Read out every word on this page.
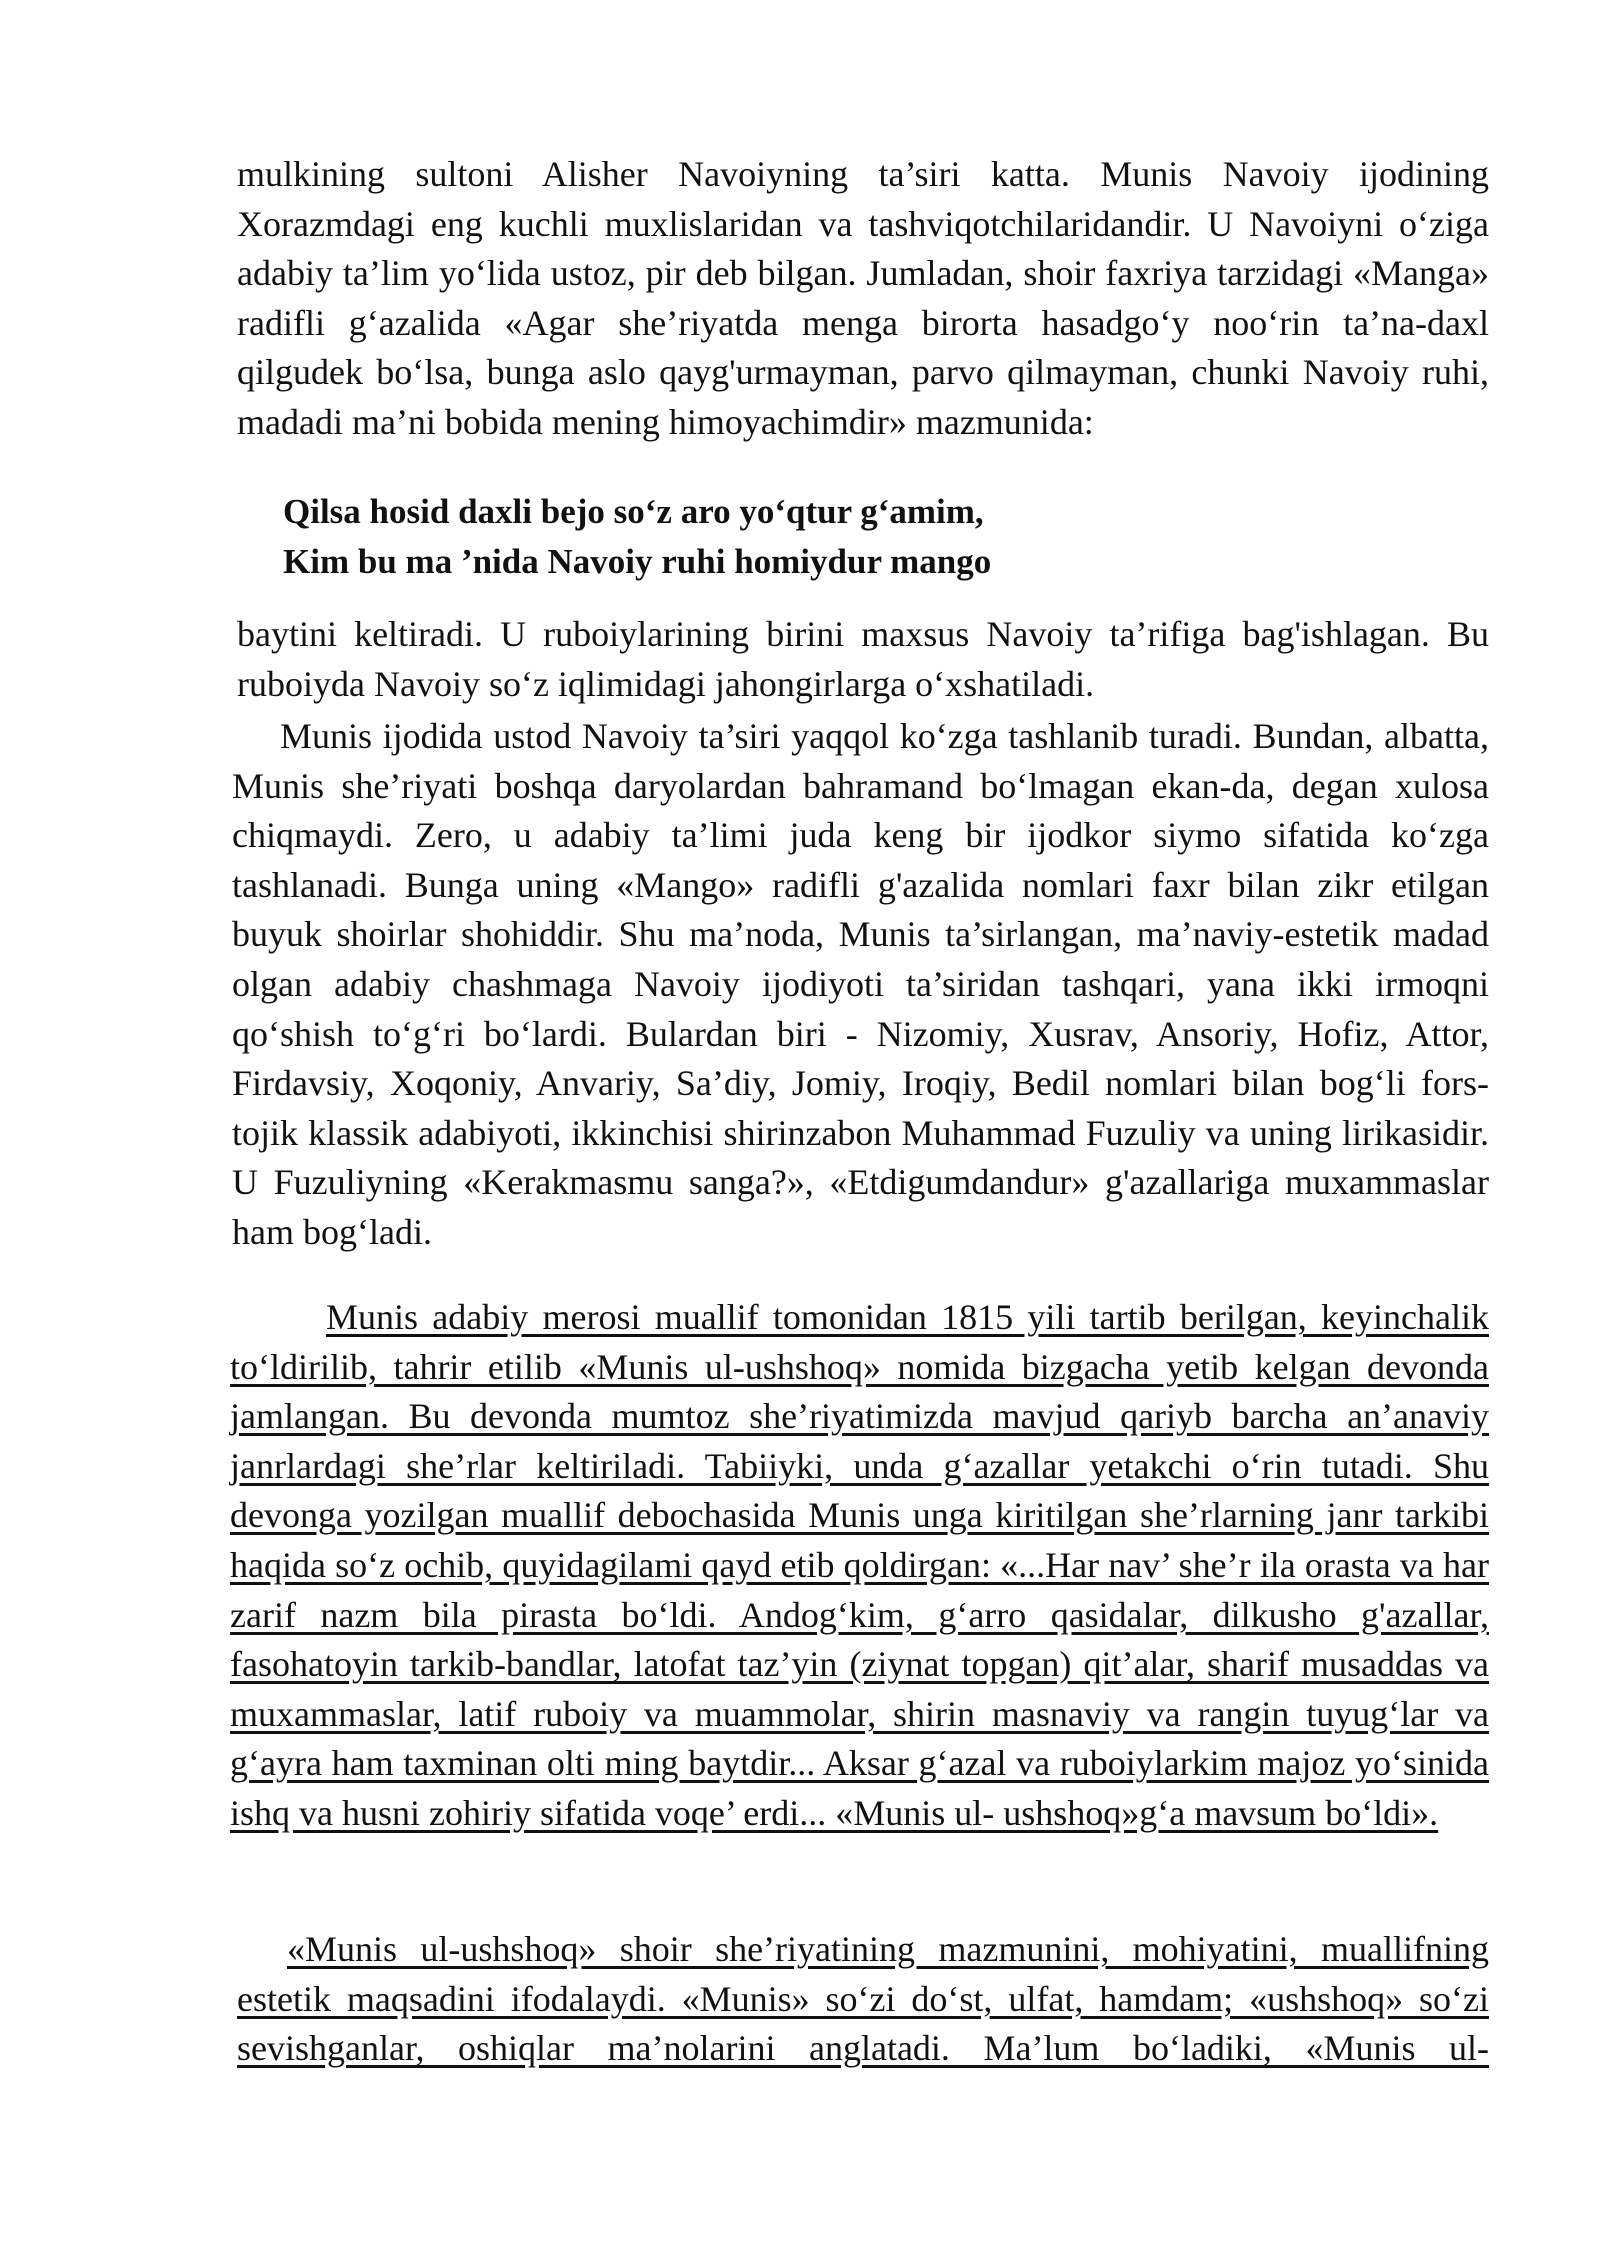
mulkining sultoni Alisher Navoiyning ta’siri katta. Munis Navoiy ijodining Xorazmdagi eng kuchli muxlislaridan va tashviqotchilaridandir. U Navoiyni o‘ziga adabiy ta’lim yo‘lida ustoz, pir deb bilgan. Jumladan, shoir faxriya tarzidagi «Manga» radifli g‘azalida «Agar she’riyatda menga birorta hasadgo‘y noo‘rin ta’na-daxl qilgudek bo‘lsa, bunga aslo qayg'urmayman, parvo qilmayman, chunki Navoiy ruhi, madadi ma’ni bobida mening himoyachimdir» mazmunida:

Qilsa hosid daxli bejo so‘z aro yo‘qtur g‘amim,
Kim bu ma ’nida Navoiy ruhi homiydur mango

baytini keltiradi. U ruboiylarining birini maxsus Navoiy ta’rifiga bag'ishlagan. Bu ruboiyda Navoiy so‘z iqlimidagi jahongirlarga o‘xshatiladi.

Munis ijodida ustod Navoiy ta’siri yaqqol ko‘zga tashlanib turadi. Bundan, albatta, Munis she’riyati boshqa daryolardan bahramand bo‘lmagan ekan-da, degan xulosa chiqmaydi. Zero, u adabiy ta’limi juda keng bir ijodkor siymo sifatida ko‘zga tashlanadi. Bunga uning «Mango» radifli g'azalida nomlari faxr bilan zikr etilgan buyuk shoirlar shohiddir. Shu ma’noda, Munis ta’sirlangan, ma’naviy-estetik madad olgan adabiy chashmaga Navoiy ijodiyoti ta’siridan tashqari, yana ikki irmoqni qo‘shish to‘g‘ri bo‘lardi. Bulardan biri - Nizomiy, Xusrav, Ansoriy, Hofiz, Attor, Firdavsiy, Xoqoniy, Anvariy, Sa’diy, Jomiy, Iroqiy, Bedil nomlari bilan bog‘li fors-tojik klassik adabiyoti, ikkinchisi shirinzabon Muhammad Fuzuliy va uning lirikasidir. U Fuzuliyning «Kerakmasmu sanga?», «Etdigumdandur» g'azallariga muxammaslar ham bog‘ladi.

Munis adabiy merosi muallif tomonidan 1815 yili tartib berilgan, keyinchalik to‘ldirilib, tahrir etilib «Munis ul-ushshoq» nomida bizgacha yetib kelgan devonda jamlangan. Bu devonda mumtoz she’riyatimizda mavjud qariyb barcha an’anaviy janrlardagi she’rlar keltiriladi. Tabiiyki, unda g‘azallar yetakchi o‘rin tutadi. Shu devonga yozilgan muallif debochasida Munis unga kiritilgan she’rlarning janr tarkibi haqida so‘z ochib, quyidagilami qayd etib qoldirgan: «...Har nav’ she’r ila orasta va har zarif nazm bila pirasta bo‘ldi. Andog‘kim, g‘arro qasidalar, dilkusho g'azallar, fasohatoyin tarkib-bandlar, latofat taz’yin (ziynat topgan) qit’alar, sharif musaddas va muxammaslar, latif ruboiy va muammolar, shirin masnaviy va rangin tuyug‘lar va g‘ayra ham taxminan olti ming baytdir... Aksar g‘azal va ruboiylarkim majoz yo‘sinida ishq va husni zohiriy sifatida voqe’ erdi... «Munis ul- ushshoq»g‘a mavsum bo‘ldi».

«Munis ul-ushshoq» shoir she’riyatining mazmunini, mohiyatini, muallifning estetik maqsadini ifodalaydi. «Munis» so‘zi do‘st, ulfat, hamdam; «ushshoq» so‘zi sevishganlar, oshiqlar ma’nolarini anglatadi. Ma’lum bo‘ladiki, «Munis ul-
